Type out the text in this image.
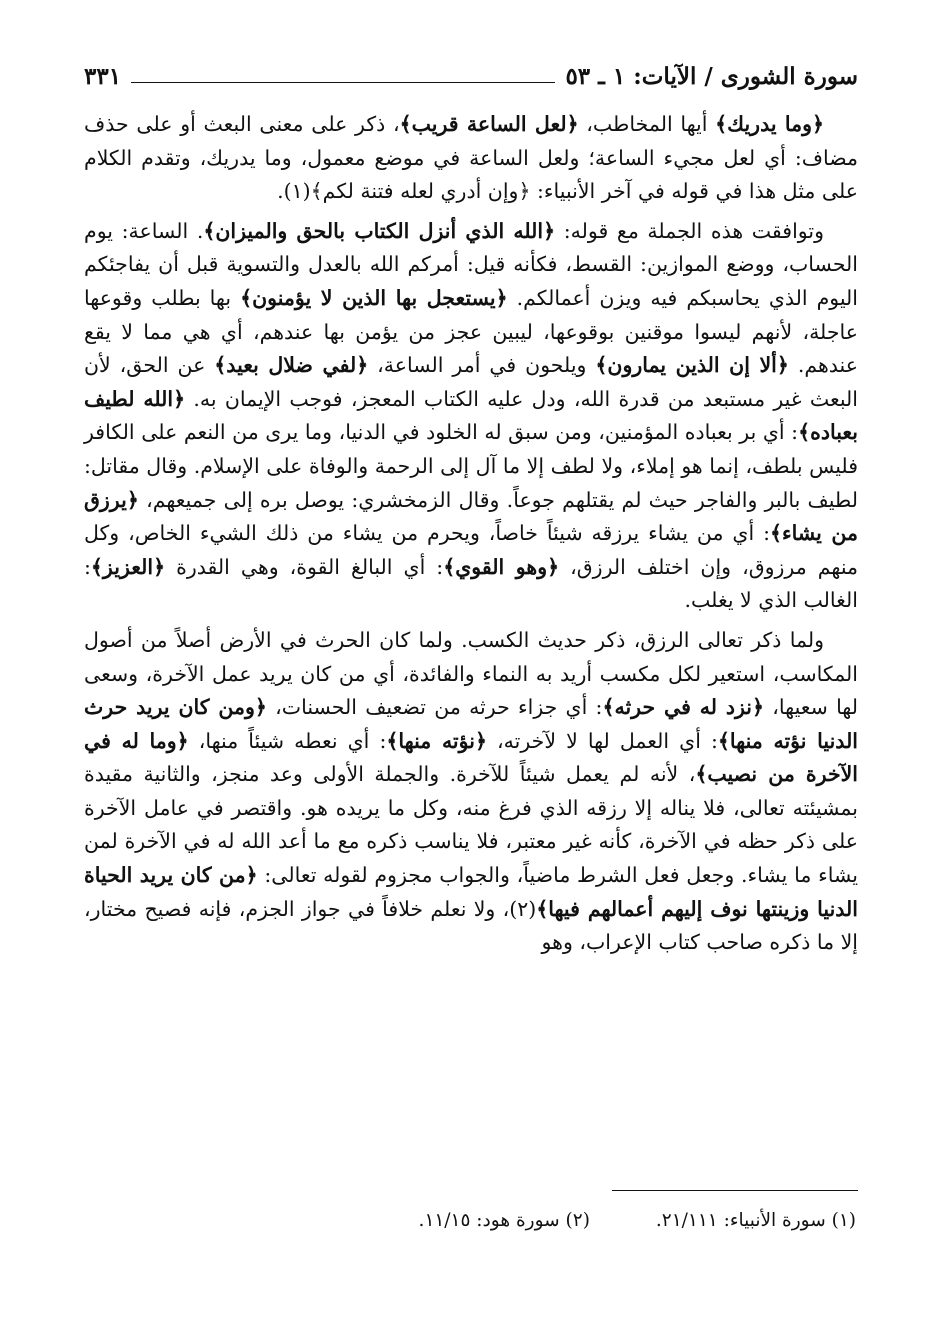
سورة الشورى / الآيات: ١ ـ ٥٣
٣٣١

﴿وما يدريك﴾ أيها المخاطب، ﴿لعل الساعة قريب﴾، ذكر على معنى البعث أو على حذف مضاف: أي لعل مجيء الساعة؛ ولعل الساعة في موضع معمول، وما يدريك، وتقدم الكلام على مثل هذا في قوله في آخر الأنبياء: ﴿وإن أدري لعله فتنة لكم﴾(١).

وتوافقت هذه الجملة مع قوله: ﴿الله الذي أنزل الكتاب بالحق والميزان﴾. الساعة: يوم الحساب، ووضع الموازين: القسط، فكأنه قيل: أمركم الله بالعدل والتسوية قبل أن يفاجئكم اليوم الذي يحاسبكم فيه ويزن أعمالكم. ﴿يستعجل بها الذين لا يؤمنون﴾ بها بطلب وقوعها عاجلة، لأنهم ليسوا موقنين بوقوعها، ليبين عجز من يؤمن بها عندهم، أي هي مما لا يقع عندهم. ﴿ألا إن الذين يمارون﴾ ويلحون في أمر الساعة، ﴿لفي ضلال بعيد﴾ عن الحق، لأن البعث غير مستبعد من قدرة الله، ودل عليه الكتاب المعجز، فوجب الإيمان به. ﴿الله لطيف بعباده﴾: أي بر بعباده المؤمنين، ومن سبق له الخلود في الدنيا، وما يرى من النعم على الكافر فليس بلطف، إنما هو إملاء، ولا لطف إلا ما آل إلى الرحمة والوفاة على الإسلام. وقال مقاتل: لطيف بالبر والفاجر حيث لم يقتلهم جوعاً. وقال الزمخشري: يوصل بره إلى جميعهم، ﴿يرزق من يشاء﴾: أي من يشاء يرزقه شيئاً خاصاً، ويحرم من يشاء من ذلك الشيء الخاص، وكل منهم مرزوق، وإن اختلف الرزق، ﴿وهو القوي﴾: أي البالغ القوة، وهي القدرة ﴿العزيز﴾: الغالب الذي لا يغلب.

ولما ذكر تعالى الرزق، ذكر حديث الكسب. ولما كان الحرث في الأرض أصلاً من أصول المكاسب، استعير لكل مكسب أريد به النماء والفائدة، أي من كان يريد عمل الآخرة، وسعى لها سعيها، ﴿نزد له في حرثه﴾: أي جزاء حرثه من تضعيف الحسنات، ﴿ومن كان يريد حرث الدنيا نؤته منها﴾: أي العمل لها لا لآخرته، ﴿نؤته منها﴾: أي نعطه شيئاً منها، ﴿وما له في الآخرة من نصيب﴾، لأنه لم يعمل شيئاً للآخرة. والجملة الأولى وعد منجز، والثانية مقيدة بمشيئته تعالى، فلا يناله إلا رزقه الذي فرغ منه، وكل ما يريده هو. واقتصر في عامل الآخرة على ذكر حظه في الآخرة، كأنه غير معتبر، فلا يناسب ذكره مع ما أعد الله له في الآخرة لمن يشاء ما يشاء. وجعل فعل الشرط ماضياً، والجواب مجزوم لقوله تعالى: ﴿من كان يريد الحياة الدنيا وزينتها نوف إليهم أعمالهم فيها﴾(٢)، ولا نعلم خلافاً في جواز الجزم، فإنه فصيح مختار، إلا ما ذكره صاحب كتاب الإعراب، وهو

(١) سورة الأنبياء: ٢١/١١١.
(٢) سورة هود: ١١/١٥.
